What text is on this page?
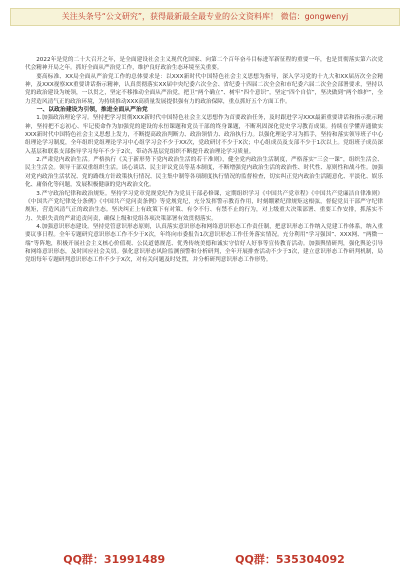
关注头条号“公文研究”，获得最新最全最专业的公文资料库！ 微信：gongwenyj

2022年是党的二十大召开之年，是全面建设社会主义现代化国家、向第二个百年奋斗目标进军新征程的重要一年，也是贯彻落实第六次党代会精神开局之年。抓好全面从严治党工作，维护良好政治生态环境至关重要。

要高标准、XX局全面从严治党工作的总体要求是：以XXX新时代中国特色社会主义思想为指导，深入学习党的十九大和XX届历次全会精神，及XXX视察XX重要讲话指示精神，认真贯彻落实XX届中央纪委六次全会、省纪委十四届二次全会和市纪委六届二次全会部署要求，坚持以党的政治建设为统领，一以贯之，坚定不移推动全面从严治党，把卫“两个确立”、树牢“四个意识”，坚定“四个自信”，坚决做到“两个维护”，全力营造风清气正的政治环境，为持续推动XXX高质量发展提供强有力的政治保障，重点抓好五个方面工作。

一、以政治建设为引领，推进全面从严治党

1.加强政治理论学习。坚持把学习贯彻XXX新时代中国特色社会主义思想作为首要政治任务，及时跟进学习XXX最新重要讲话和指示批示精神，坚持把不忘初心、牢记使命作为加强党的建设的永恒课题和党员干部的终身课题，不断巩固深化党史学习教育成果。持续在学懂弄通做实XXX新时代中国特色社会主义思想上发力，不断提高政治判断力、政治领悟力、政治执行力。以强化理论学习为抓手，坚持和落实领导班子中心组理论学习制度，全年组织党组理论学习中心组学习会不少于XX次，党政研讨不少于X次；中心组成员及支部不少于1次以上。党组班子成员深入基层和联系支部指导学习每年不少于2次，带动各基层党组织不断提升政治理论学习质量。

2.严肃党内政治生活。严格执行《关于新形势下党内政治生活的若干准则》，健全党内政治生活制度，严格落实“三会一课”，组织生活会、民主生活会。领导干部双重组织生活。谈心谈话、民主评议党员等基本制度，不断增强党内政治生活的政治性、时代性、原则性和战斗性。加强对党内政治生活状况、党的路线方针政策执行情况、民主集中制等各项制度执行情况的监督检查，切实纠正党内政治生活随意化、平淡化、娱乐化、庸俗化等问题，发展积极健康的党内政治文化。

3.严守政治纪律和政治规矩。坚持学习党章党规党纪作为党员干部必修课，定期组织学习《中国共产党章程》《中国共产党廉洁自律准则》《中国共产党纪律处分条例》《中国共产党问责条例》等党规党纪，充分发挥警示教育作用，时刻绷紧纪律规矩这根弦，督促党员干部严守纪律规矩，营造风清气正的政治生态。坚决纠正上有政策下有对策、有令不行、有禁不止的行为，对上级重大决策部署、重要工作安排，抓落实不力、失职失责的严肃追责问责，确保上级和党组各项决策部署有效贯彻落实。

4.加强意识形态建设。坚持党管意识形态原则，认真落实意识形态和网络意识形态工作责任制，把意识形态工作纳入党建工作体系，纳入重要议事日程。全年专题研究意识形态工作不少于X次，年终向市委报告1次意识形态工作任务落实情况。充分利用“学习强国”、XXX网、“两微一端”等阵地，积极开展社会主义核心价值观、公民道德规范、优秀传统美德和诚实守信好人好事等宣传教育活动。加强舆情研判，强化舆论引导和网络意识形态，及时回应社会关切。强化意识形态风险监测预警和分析研判，全年开展排查活动不少于3次，建立意识形态工作研判机制，局党组每年专题研判意识形态工作不少于X次，对有关问题及时处置，并分析研判意识形态工作形势。

QQ群：31991489	QQ群：535304092
